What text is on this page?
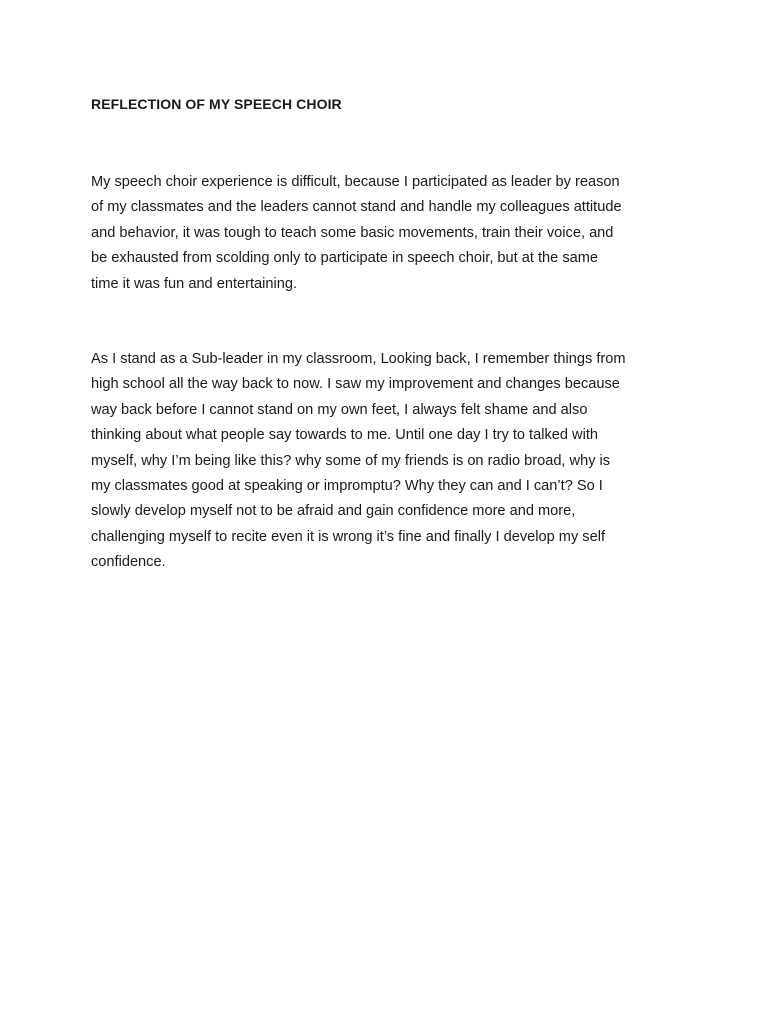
REFLECTION OF MY SPEECH CHOIR
My speech choir experience is difficult, because I participated as leader by reason
of my classmates and the leaders cannot stand and handle my colleagues attitude
and behavior, it was tough to teach some basic movements, train their voice, and
be exhausted from scolding only to participate in speech choir, but at the same
time it was fun and entertaining.
As I stand as a Sub-leader in my classroom, Looking back, I remember things from
high school all the way back to now. I saw my improvement and changes because
way back before I cannot stand on my own feet, I always felt shame and also
thinking about what people say towards to me. Until one day I try to talked with
myself, why I’m being like this? why some of my friends is on radio broad, why is
my classmates good at speaking or impromptu? Why they can and I can’t? So I
slowly develop myself not to be afraid and gain confidence more and more,
challenging myself to recite even it is wrong it’s fine and finally I develop my self
confidence.
